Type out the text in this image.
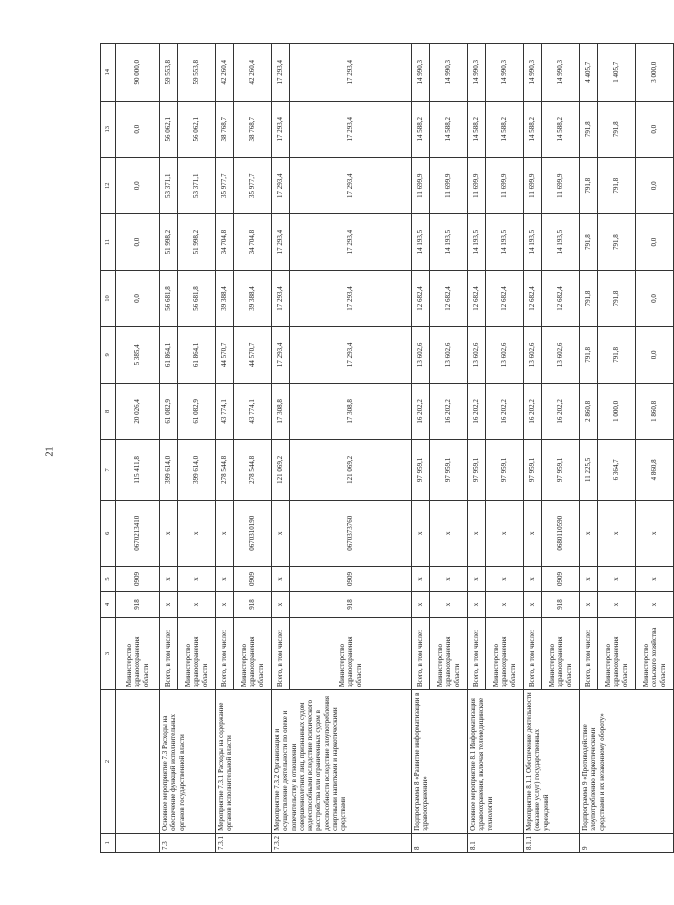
21
1	2	3	4	5	6	7	8	9	10	11	12	13	14
		Министерство здравоохранения области	918	0909	0670213410	115 411,8	20 026,4	5 385,4	0,0	0,0	0,0	0,0	90 000,0
7.3	Основное мероприятие 7.3 Расходы на обеспечение функций исполнительных органов государственной власти	Всего, в том числе:	х	х	х	399 614,0	61 082,9	61 864,1	56 681,8	51 998,2	53 371,1	56 062,1	59 553,8
		Министерство здравоохранения области	х	х	х	399 614,0	61 082,9	61 864,1	56 681,8	51 998,2	53 371,1	56 062,1	59 553,8
7.3.1	Мероприятие 7.3.1 Расходы на содержание органов исполнительной власти	Всего, в том числе:	х	х	х	278 544,8	43 774,1	44 570,7	39 388,4	34 704,8	35 977,7	38 768,7	42 260,4
		Министерство здравоохранения области	918	0909	0670310190	278 544,8	43 774,1	44 570,7	39 388,4	34 704,8	35 977,7	38 768,7	42 260,4
7.3.2	Мероприятие 7.3.2 Организация и осуществление деятельности по опеке и попечительству в отношении совершеннолетних лиц, признанных судом недееспособными вследствие психического расстройства или ограниченных судом в дееспособности вследствие злоупотребления спиртными напитками и наркотическими средствами	Всего, в том числе:	х	х	х	121 069,2	17 308,8	17 293,4	17 293,4	17 293,4	17 293,4	17 293,4	17 293,4
		Министерство здравоохранения области	918	0909	0670373760	121 069,2	17 308,8	17 293,4	17 293,4	17 293,4	17 293,4	17 293,4	17 293,4
8	Подпрограмма 8 «Развитие информатизации в здравоохранении»	Всего, в том числе:	х	х	х	97 959,1	16 202,2	13 602,6	12 682,4	14 193,5	11 699,9	14 588,2	14 990,3
		Министерство здравоохранения области	х	х	х	97 959,1	16 202,2	13 602,6	12 682,4	14 193,5	11 699,9	14 588,2	14 990,3
8.1	Основное мероприятие 8.1 Информатизация здравоохранения, включая телемедицинские технологии	Всего, в том числе:	х	х	х	97 959,1	16 202,2	13 602,6	12 682,4	14 193,5	11 699,9	14 588,2	14 990,3
		Министерство здравоохранения области	х	х	х	97 959,1	16 202,2	13 602,6	12 682,4	14 193,5	11 699,9	14 588,2	14 990,3
8.1.1	Мероприятие 8.1.1 Обеспечение деятельности (оказание услуг) государственных учреждений	Всего, в том числе:	х	х	х	97 959,1	16 202,2	13 602,6	12 682,4	14 193,5	11 699,9	14 588,2	14 990,3
		Министерство здравоохранения области	918	0909	0680110590	97 959,1	16 202,2	13 602,6	12 682,4	14 193,5	11 699,9	14 588,2	14 990,3
9	Подпрограмма 9 «Противодействие злоупотреблению наркотическими средствами и их незаконному обороту»	Всего, в том числе:	х	х	х	11 225,5	2 860,8	791,8	791,8	791,8	791,8	791,8	4 405,7
		Министерство здравоохранения области	х	х	х	6 364,7	1 000,0	791,8	791,8	791,8	791,8	791,8	1 405,7
		Министерство сельского хозяйства области	х	х	х	4 860,8	1 860,8	0,0	0,0	0,0	0,0	0,0	3 000,0
